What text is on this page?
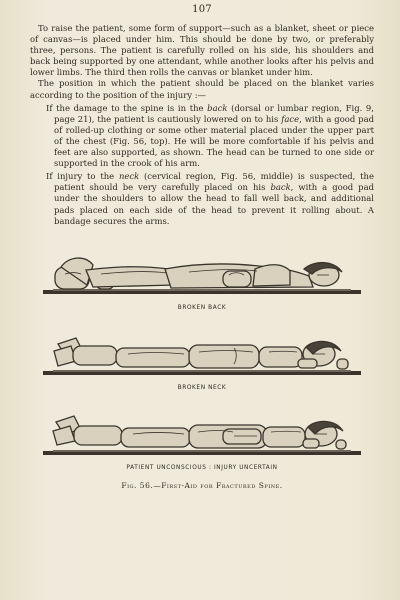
107

To raise the patient, some form of support—such as a blanket, sheet or piece of canvas—is placed under him. This should be done by two, or preferably three, persons. The patient is carefully rolled on his side, his shoulders and back being supported by one attendant, while another looks after his pelvis and lower limbs. The third then rolls the canvas or blanket under him.

The position in which the patient should be placed on the blanket varies according to the position of the injury :—

If the damage to the spine is in the back (dorsal or lumbar region, Fig. 9, page 21), the patient is cautiously lowered on to his face, with a good pad of rolled-up clothing or some other material placed under the upper part of the chest (Fig. 56, top). He will be more comfortable if his pelvis and feet are also supported, as shown. The head can be turned to one side or supported in the crook of his arm.

If injury to the neck (cervical region, Fig. 56, middle) is suspected, the patient should be very carefully placed on his back, with a good pad under the shoulders to allow the head to fall well back, and additional pads placed on each side of the head to prevent it rolling about. A bandage secures the arms.

BROKEN BACK
BROKEN NECK
PATIENT UNCONSCIOUS : INJURY UNCERTAIN
Fig. 56.—First-Aid for Fractured Spine.
